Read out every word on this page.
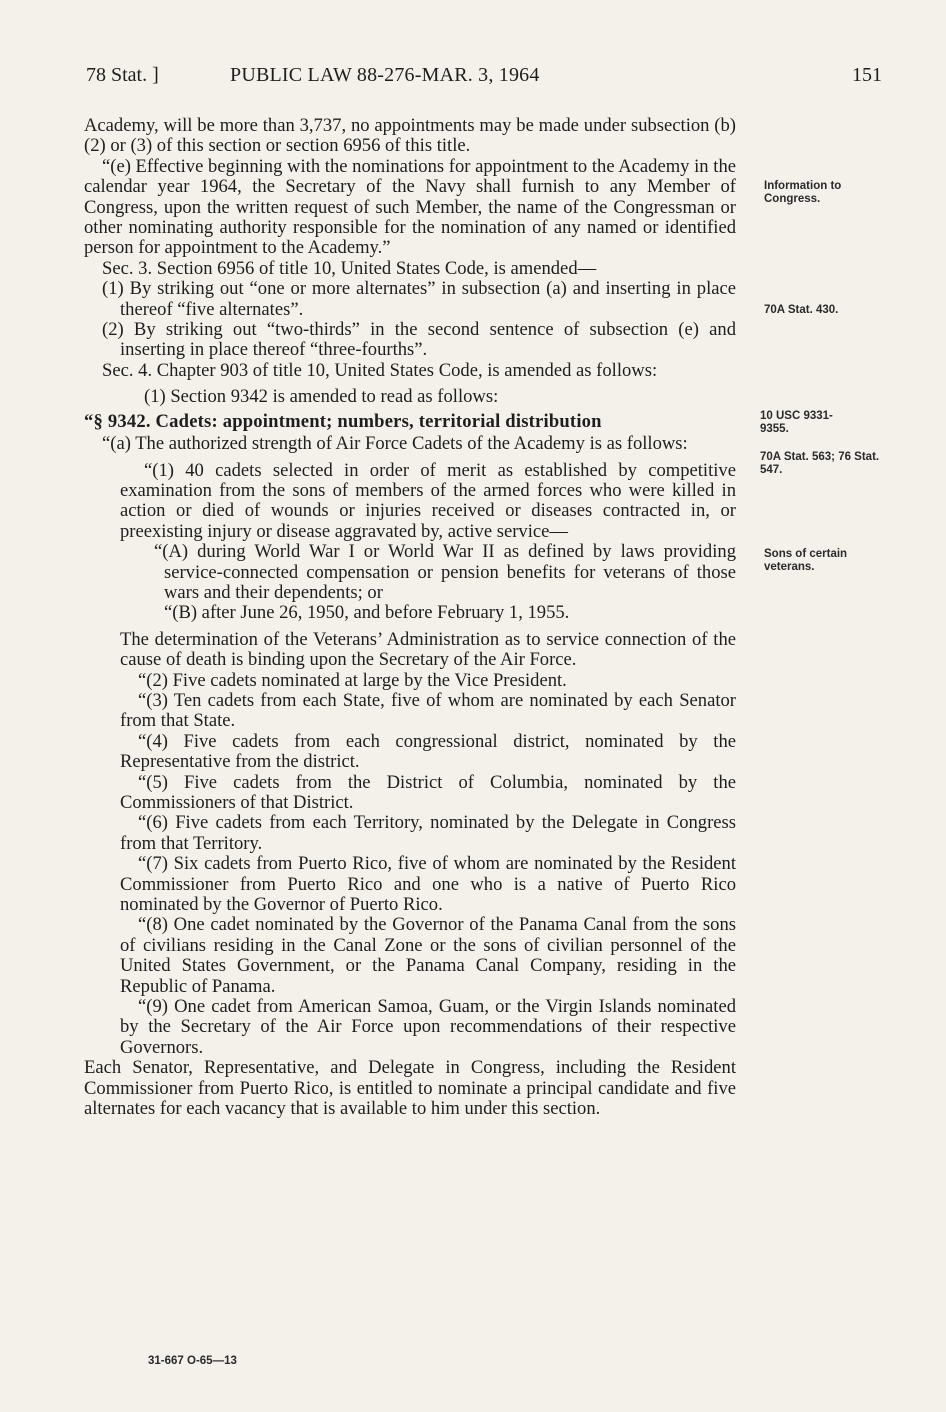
78 Stat. ]	PUBLIC LAW 88-276-MAR. 3, 1964	151
Information to Congress.
70A Stat. 430.
10 USC 9331-9355.
70A Stat. 563; 76 Stat. 547.
Sons of certain veterans.

Academy, will be more than 3,737, no appointments may be made under subsection (b) (2) or (3) of this section or section 6956 of this title.

“(e) Effective beginning with the nominations for appointment to the Academy in the calendar year 1964, the Secretary of the Navy shall furnish to any Member of Congress, upon the written request of such Member, the name of the Congressman or other nominating authority responsible for the nomination of any named or identified person for appointment to the Academy.”

Sec. 3. Section 6956 of title 10, United States Code, is amended—

(1) By striking out “one or more alternates” in subsection (a) and inserting in place thereof “five alternates”.

(2) By striking out “two-thirds” in the second sentence of subsection (e) and inserting in place thereof “three-fourths”.

Sec. 4. Chapter 903 of title 10, United States Code, is amended as follows:

(1) Section 9342 is amended to read as follows:

“§ 9342. Cadets: appointment; numbers, territorial distribution

“(a) The authorized strength of Air Force Cadets of the Academy is as follows:

“(1) 40 cadets selected in order of merit as established by competitive examination from the sons of members of the armed forces who were killed in action or died of wounds or injuries received or diseases contracted in, or preexisting injury or disease aggravated by, active service—

“(A) during World War I or World War II as defined by laws providing service-connected compensation or pension benefits for veterans of those wars and their dependents; or

“(B) after June 26, 1950, and before February 1, 1955.

The determination of the Veterans’ Administration as to service connection of the cause of death is binding upon the Secretary of the Air Force.

“(2) Five cadets nominated at large by the Vice President.

“(3) Ten cadets from each State, five of whom are nominated by each Senator from that State.

“(4) Five cadets from each congressional district, nominated by the Representative from the district.

“(5) Five cadets from the District of Columbia, nominated by the Commissioners of that District.

“(6) Five cadets from each Territory, nominated by the Delegate in Congress from that Territory.

“(7) Six cadets from Puerto Rico, five of whom are nominated by the Resident Commissioner from Puerto Rico and one who is a native of Puerto Rico nominated by the Governor of Puerto Rico.

“(8) One cadet nominated by the Governor of the Panama Canal from the sons of civilians residing in the Canal Zone or the sons of civilian personnel of the United States Government, or the Panama Canal Company, residing in the Republic of Panama.

“(9) One cadet from American Samoa, Guam, or the Virgin Islands nominated by the Secretary of the Air Force upon recommendations of their respective Governors.

Each Senator, Representative, and Delegate in Congress, including the Resident Commissioner from Puerto Rico, is entitled to nominate a principal candidate and five alternates for each vacancy that is available to him under this section.

31-667 O-65—13
